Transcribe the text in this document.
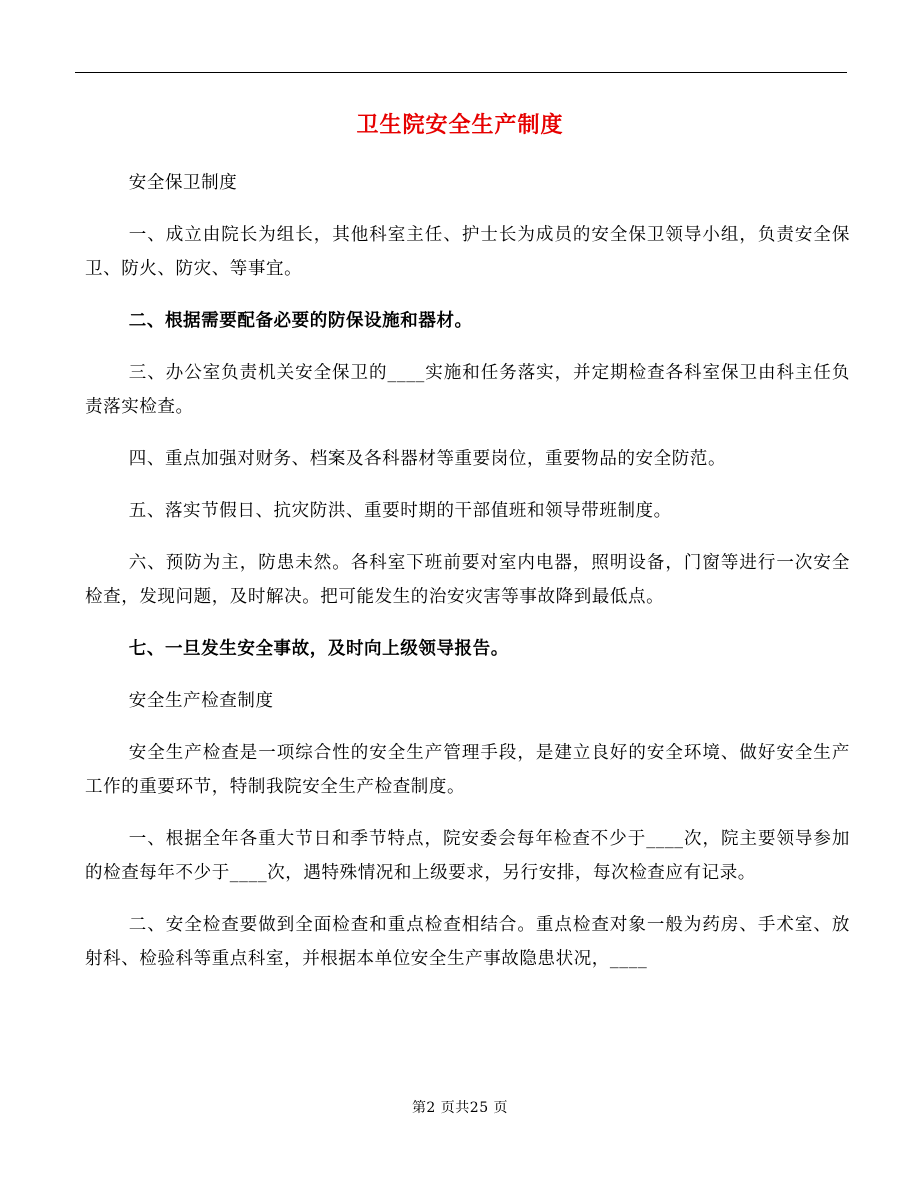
卫生院安全生产制度

安全保卫制度

一、成立由院长为组长，其他科室主任、护士长为成员的安全保卫领导小组，负责安全保卫、防火、防灾、等事宜。

二、根据需要配备必要的防保设施和器材。

三、办公室负责机关安全保卫的____实施和任务落实，并定期检查各科室保卫由科主任负责落实检查。

四、重点加强对财务、档案及各科器材等重要岗位，重要物品的安全防范。

五、落实节假日、抗灾防洪、重要时期的干部值班和领导带班制度。

六、预防为主，防患未然。各科室下班前要对室内电器，照明设备，门窗等进行一次安全检查，发现问题，及时解决。把可能发生的治安灾害等事故降到最低点。

七、一旦发生安全事故，及时向上级领导报告。

安全生产检查制度

安全生产检查是一项综合性的安全生产管理手段，是建立良好的安全环境、做好安全生产工作的重要环节，特制我院安全生产检查制度。

一、根据全年各重大节日和季节特点，院安委会每年检查不少于____次，院主要领导参加的检查每年不少于____次，遇特殊情况和上级要求，另行安排，每次检查应有记录。

二、安全检查要做到全面检查和重点检查相结合。重点检查对象一般为药房、手术室、放射科、检验科等重点科室，并根据本单位安全生产事故隐患状况，____

第2 页共25 页
